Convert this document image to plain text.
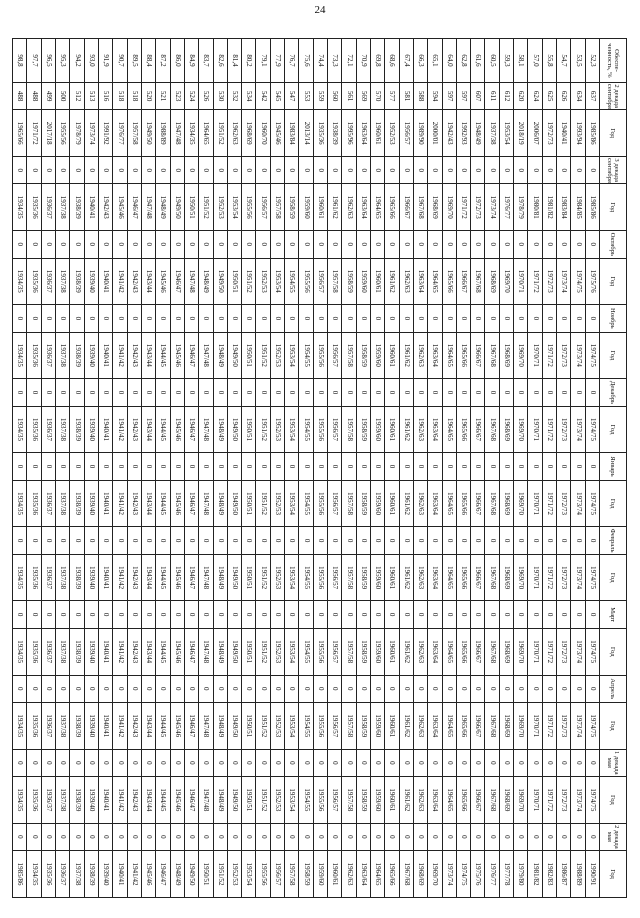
24
Обеспе-ченность, %	2 декада сентября	Год	3 декада сентября	Год	Октябрь	Год	Ноябрь	Год	Декабрь	Год	Январь	Год	Февраль	Год	Март	Год	Апрель	Год	1 декада мая	Год	2 декада мая	Год
52,3	637	1985/86	0	1985/86	0	1975/76	0	1974/75	0	1974/75	0	1974/75	0	1974/75	0	1974/75	0	1974/75	0	1974/75	0	1990/91
53,5	634	1993/94	0	1984/85	0	1974/75	0	1973/74	0	1973/74	0	1973/74	0	1973/74	0	1973/74	0	1973/74	0	1973/74	0	1988/89
54,7	626	1940/41	0	1983/84	0	1973/74	0	1972/73	0	1972/73	0	1972/73	0	1972/73	0	1972/73	0	1972/73	0	1972/73	0	1986/87
55,8	625	1972/73	0	1981/82	0	1972/73	0	1971/72	0	1971/72	0	1971/72	0	1971/72	0	1971/72	0	1971/72	0	1971/72	0	1982/83
57,0	624	2006/07	0	1980/81	0	1971/72	0	1970/71	0	1970/71	0	1970/71	0	1970/71	0	1970/71	0	1970/71	0	1970/71	0	1981/82
58,1	620	2018/19	0	1978/79	0	1970/71	0	1969/70	0	1969/70	0	1969/70	0	1969/70	0	1969/70	0	1969/70	0	1969/70	0	1979/80
59,3	612	1953/54	0	1976/77	0	1969/70	0	1968/69	0	1968/69	0	1968/69	0	1968/69	0	1968/69	0	1968/69	0	1968/69	0	1977/78
60,5	611	1937/38	0	1973/74	0	1968/69	0	1967/68	0	1967/68	0	1967/68	0	1967/68	0	1967/68	0	1967/68	0	1967/68	0	1976/77
61,6	607	1948/49	0	1972/73	0	1967/68	0	1966/67	0	1966/67	0	1966/67	0	1966/67	0	1966/67	0	1966/67	0	1966/67	0	1975/76
62,8	597	1992/93	0	1971/72	0	1966/67	0	1965/66	0	1965/66	0	1965/66	0	1965/66	0	1965/66	0	1965/66	0	1965/66	0	1974/75
64,0	597	1942/43	0	1969/70	0	1965/66	0	1964/65	0	1964/65	0	1964/65	0	1964/65	0	1964/65	0	1964/65	0	1964/65	0	1973/74
65,1	594	2000/01	0	1968/69	0	1964/65	0	1963/64	0	1963/64	0	1963/64	0	1963/64	0	1963/64	0	1963/64	0	1963/64	0	1969/70
66,3	588	1989/90	0	1967/68	0	1963/64	0	1962/63	0	1962/63	0	1962/63	0	1962/63	0	1962/63	0	1962/63	0	1962/63	0	1968/69
67,4	581	1956/57	0	1966/67	0	1962/63	0	1961/62	0	1961/62	0	1961/62	0	1961/62	0	1961/62	0	1961/62	0	1961/62	0	1967/68
68,6	577	1952/53	0	1965/66	0	1961/62	0	1960/61	0	1960/61	0	1960/61	0	1960/61	0	1960/61	0	1960/61	0	1960/61	0	1965/66
69,8	570	1960/61	0	1964/65	0	1960/61	0	1959/60	0	1959/60	0	1959/60	0	1959/60	0	1959/60	0	1959/60	0	1959/60	0	1964/65
70,9	569	1963/64	0	1963/64	0	1959/60	0	1958/59	0	1958/59	0	1958/59	0	1958/59	0	1958/59	0	1958/59	0	1958/59	0	1963/64
72,1	561	1995/96	0	1962/63	0	1958/59	0	1957/58	0	1957/58	0	1957/58	0	1957/58	0	1957/58	0	1957/58	0	1957/58	0	1962/63
73,3	560	1938/39	0	1961/62	0	1957/58	0	1956/57	0	1956/57	0	1956/57	0	1956/57	0	1956/57	0	1956/57	0	1956/57	0	1960/61
74,4	559	1935/36	0	1960/61	0	1956/57	0	1955/56	0	1955/56	0	1955/56	0	1955/56	0	1955/56	0	1955/56	0	1955/56	0	1959/60
75,6	553	2013/14	0	1959/60	0	1955/56	0	1954/55	0	1954/55	0	1954/55	0	1954/55	0	1954/55	0	1954/55	0	1954/55	0	1958/59
76,7	547	1983/84	0	1958/59	0	1954/55	0	1953/54	0	1953/54	0	1953/54	0	1953/54	0	1953/54	0	1953/54	0	1953/54	0	1957/58
77,9	545	1945/46	0	1957/58	0	1953/54	0	1952/53	0	1952/53	0	1952/53	0	1952/53	0	1952/53	0	1952/53	0	1952/53	0	1956/57
79,1	542	1960/70	0	1956/57	0	1952/53	0	1951/52	0	1951/52	0	1951/52	0	1951/52	0	1951/52	0	1951/52	0	1951/52	0	1955/56
80,2	534	1968/69	0	1955/56	0	1951/52	0	1950/51	0	1950/51	0	1950/51	0	1950/51	0	1950/51	0	1950/51	0	1950/51	0	1953/54
81,4	532	1962/63	0	1953/54	0	1950/51	0	1949/50	0	1949/50	0	1949/50	0	1949/50	0	1949/50	0	1949/50	0	1949/50	0	1952/53
82,6	530	1951/52	0	1952/53	0	1949/50	0	1948/49	0	1948/49	0	1948/49	0	1948/49	0	1948/49	0	1948/49	0	1948/49	0	1951/52
83,7	526	1964/65	0	1951/52	0	1948/49	0	1947/48	0	1947/48	0	1947/48	0	1947/48	0	1947/48	0	1947/48	0	1947/48	0	1950/51
84,9	524	1934/35	0	1950/51	0	1947/48	0	1946/47	0	1946/47	0	1946/47	0	1946/47	0	1946/47	0	1946/47	0	1946/47	0	1949/50
86,0	523	1947/48	0	1949/50	0	1946/47	0	1945/46	0	1945/46	0	1945/46	0	1945/46	0	1945/46	0	1945/46	0	1945/46	0	1948/49
87,2	521	1988/89	0	1948/49	0	1945/46	0	1944/45	0	1944/45	0	1944/45	0	1944/45	0	1944/45	0	1944/45	0	1944/45	0	1946/47
88,4	520	1949/50	0	1947/48	0	1943/44	0	1943/44	0	1943/44	0	1943/44	0	1943/44	0	1943/44	0	1943/44	0	1943/44	0	1945/46
89,5	518	1957/58	0	1946/47	0	1942/43	0	1942/43	0	1942/43	0	1942/43	0	1942/43	0	1942/43	0	1942/43	0	1942/43	0	1941/42
90,7	518	1976/77	0	1945/46	0	1941/42	0	1941/42	0	1941/42	0	1941/42	0	1941/42	0	1941/42	0	1941/42	0	1941/42	0	1940/41
91,9	516	1991/92	0	1942/43	0	1940/41	0	1940/41	0	1940/41	0	1940/41	0	1940/41	0	1940/41	0	1940/41	0	1940/41	0	1939/40
93,0	513	1973/74	0	1940/41	0	1939/40	0	1939/40	0	1939/40	0	1939/40	0	1939/40	0	1939/40	0	1939/40	0	1939/40	0	1938/39
94,2	512	1978/79	0	1938/39	0	1938/39	0	1938/39	0	1938/39	0	1938/39	0	1938/39	0	1938/39	0	1938/39	0	1938/39	0	1937/38
95,3	500	1955/56	0	1937/38	0	1937/38	0	1937/38	0	1937/38	0	1937/38	0	1937/38	0	1937/38	0	1937/38	0	1937/38	0	1936/37
96,5	499	2017/18	0	1936/37	0	1936/37	0	1936/37	0	1936/37	0	1936/37	0	1936/37	0	1936/37	0	1936/37	0	1936/37	0	1935/36
97,7	488	1971/72	0	1935/36	0	1935/36	0	1935/36	0	1935/36	0	1935/36	0	1935/36	0	1935/36	0	1935/36	0	1935/36	0	1934/35
98,8	488	1965/66	0	1934/35	0	1934/35	0	1934/35	0	1934/35	0	1934/35	0	1934/35	0	1934/35	0	1934/35	0	1934/35	0	1985/86
